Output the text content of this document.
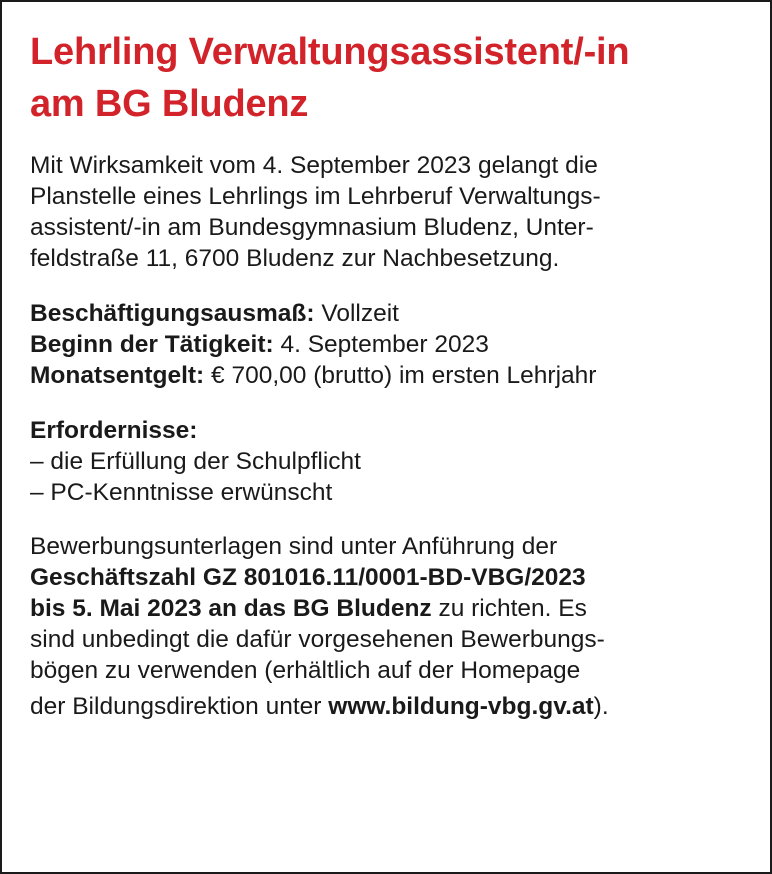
Lehrling Verwaltungsassistent/-in
am BG Bludenz

Mit Wirksamkeit vom 4. September 2023 gelangt die
Planstelle eines Lehrlings im Lehrberuf Verwaltungs-
assistent/-in am Bundesgymnasium Bludenz, Unter-
feldstraße 11, 6700 Bludenz zur Nachbesetzung.

Beschäftigungsausmaß: Vollzeit
Beginn der Tätigkeit: 4. September 2023
Monatsentgelt: € 700,00 (brutto) im ersten Lehrjahr

Erfordernisse:
– die Erfüllung der Schulpflicht
– PC-Kenntnisse erwünscht

Bewerbungsunterlagen sind unter Anführung der
Geschäftszahl GZ 801016.11/0001-BD-VBG/2023
bis 5. Mai 2023 an das BG Bludenz zu richten. Es
sind unbedingt die dafür vorgesehenen Bewerbungs-
bögen zu verwenden (erhältlich auf der Homepage
der Bildungsdirektion unter www.bildung-vbg.gv.at).
